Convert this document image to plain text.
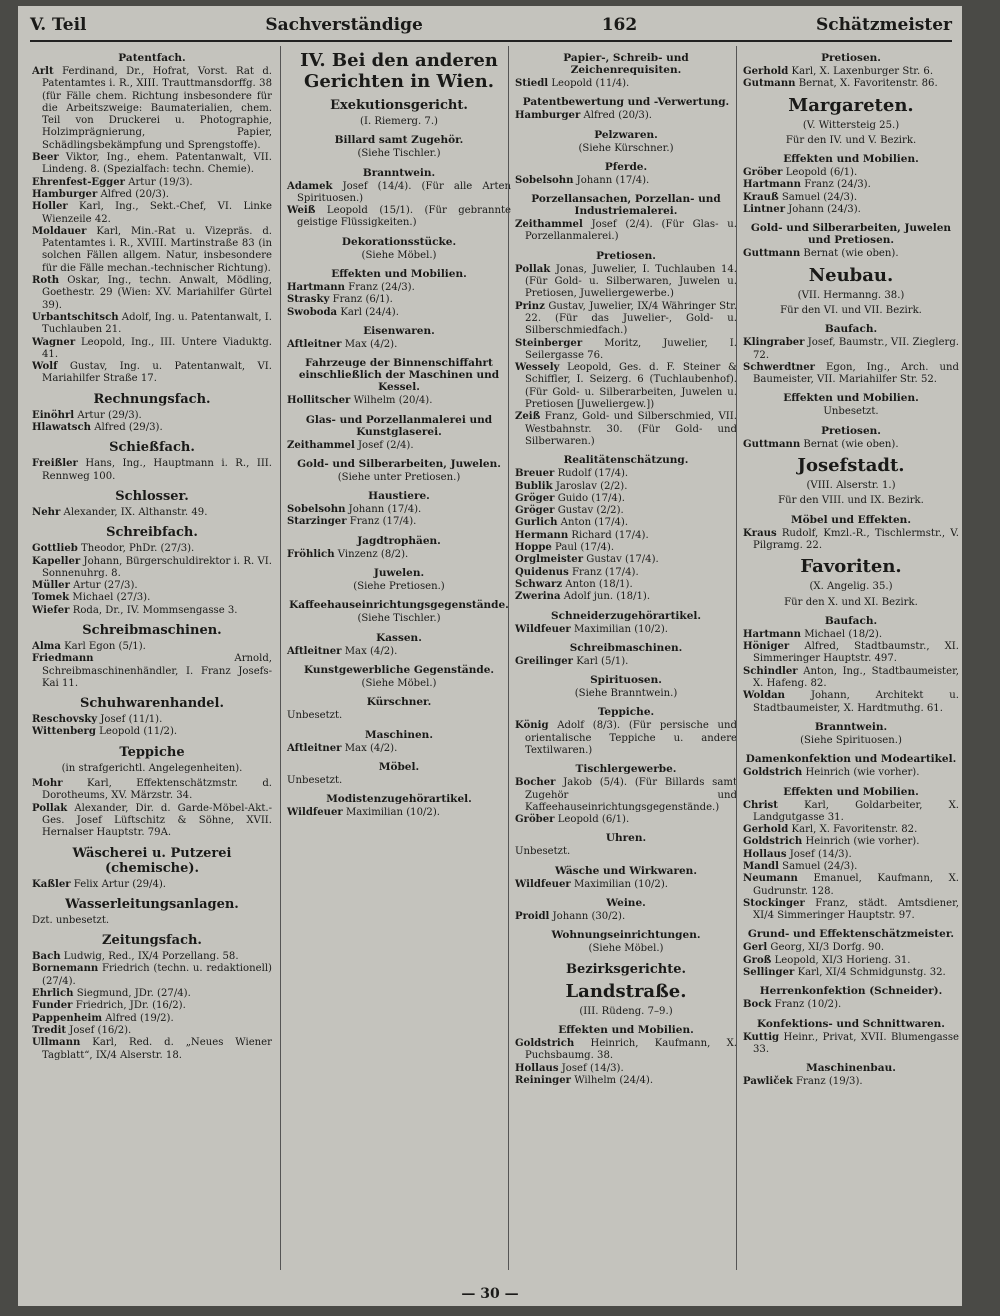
V. Teil	Sachverständige	162	Schätzmeister
Patentfach.
Arlt Ferdinand, Dr., Hofrat, Vorst. Rat d. Patentamtes i. R., XIII. Trauttmansdorffg. 38 (für Fälle chem. Richtung insbesondere für die Arbeitszweige: Baumaterialien, chem. Teil von Druckerei u. Photographie, Holzimprägnierung, Papier, Schädlingsbekämpfung und Sprengstoffe).
Beer Viktor, Ing., ehem. Patentanwalt, VII. Lindeng. 8. (Spezialfach: techn. Chemie).
Ehrenfest-Egger Artur (19/3).
Hamburger Alfred (20/3).
Holler Karl, Ing., Sekt.-Chef, VI. Linke Wienzeile 42.
Moldauer Karl, Min.-Rat u. Vizepräs. d. Patentamtes i. R., XVIII. Martinstraße 83 (in solchen Fällen allgem. Natur, insbesondere für die Fälle mechan.-technischer Richtung).
Roth Oskar, Ing., techn. Anwalt, Mödling, Goethestr. 29 (Wien: XV. Mariahilfer Gürtel 39).
Urbantschitsch Adolf, Ing. u. Patentanwalt, I. Tuchlauben 21.
Wagner Leopold, Ing., III. Untere Viaduktg. 41.
Wolf Gustav, Ing. u. Patentanwalt, VI. Mariahilfer Straße 17.
Rechnungsfach.
Einöhrl Artur (29/3).
Hlawatsch Alfred (29/3).
Schießfach.
Freißler Hans, Ing., Hauptmann i. R., III. Rennweg 100.
Schlosser.
Nehr Alexander, IX. Althanstr. 49.
Schreibfach.
Gottlieb Theodor, PhDr. (27/3).
Kapeller Johann, Bürgerschuldirektor i. R. VI. Sonnenuhrg. 8.
Müller Artur (27/3).
Tomek Michael (27/3).
Wiefer Roda, Dr., IV. Mommsengasse 3.
Schreibmaschinen.
Alma Karl Egon (5/1).
Friedmann	Arnold, Schreibmaschinenhändler, I. Franz Josefs-Kai 11.
Schuhwarenhandel.
Reschovsky Josef (11/1).
Wittenberg Leopold (11/2).
Teppiche
(in strafgerichtl. Angelegenheiten).
Mohr Karl, Effektenschätzmstr. d. Dorotheums, XV. Märzstr. 34.
Pollak Alexander, Dir. d. Garde-Möbel-Akt.-Ges. Josef Lüftschitz & Söhne, XVII. Hernalser Hauptstr. 79A.
Wäscherei u. Putzerei (chemische).
Kaßler Felix Artur (29/4).
Wasserleitungsanlagen.
Dzt. unbesetzt.
Zeitungsfach.
Bach Ludwig, Red., IX/4 Porzellang. 58.
Bornemann Friedrich (techn. u. redaktionell) (27/4).
Ehrlich Siegmund, JDr. (27/4).
Funder Friedrich, JDr. (16/2).
Pappenheim Alfred (19/2).
Tredit Josef (16/2).
Ullmann Karl, Red. d. „Neues Wiener Tagblatt“, IX/4 Alserstr. 18.
IV. Bei den anderen Gerichten in Wien.
Exekutionsgericht.
(I. Riemerg. 7.)
Billard samt Zugehör.
(Siehe Tischler.)
Branntwein.
Adamek Josef (14/4). (Für alle Arten Spirituosen.)
Weiß Leopold (15/1). (Für gebrannte geistige Flüssigkeiten.)
Dekorationsstücke.
(Siehe Möbel.)
Effekten und Mobilien.
Hartmann Franz (24/3).
Strasky Franz (6/1).
Swoboda Karl (24/4).
Eisenwaren.
Aftleitner Max (4/2).
Fahrzeuge der Binnenschiffahrt einschließlich der Maschinen und Kessel.
Hollitscher Wilhelm (20/4).
Glas- und Porzellanmalerei und Kunstglaserei.
Zeithammel Josef (2/4).
Gold- und Silberarbeiten, Juwelen.
(Siehe unter Pretiosen.)
Haustiere.
Sobelsohn Johann (17/4).
Starzinger Franz (17/4).
Jagdtrophäen.
Fröhlich Vinzenz (8/2).
Juwelen.
(Siehe Pretiosen.)
Kaffeehauseinrichtungsgegenstände.
(Siehe Tischler.)
Kassen.
Aftleitner Max (4/2).
Kunstgewerbliche Gegenstände.
(Siehe Möbel.)
Kürschner.
Unbesetzt.
Maschinen.
Aftleitner Max (4/2).
Möbel.
Unbesetzt.
Modistenzugehörartikel.
Wildfeuer Maximilian (10/2).
Papier-, Schreib- und Zeichenrequisiten.
Stiedl Leopold (11/4).
Patentbewertung und -Verwertung.
Hamburger Alfred (20/3).
Pelzwaren.
(Siehe Kürschner.)
Pferde.
Sobelsohn Johann (17/4).
Porzellansachen, Porzellan- und Industriemalerei.
Zeithammel Josef (2/4). (Für Glas- u. Porzellanmalerei.)
Pretiosen.
Pollak Jonas, Juwelier, I. Tuchlauben 14. (Für Gold- u. Silberwaren, Juwelen u. Pretiosen, Juweliergewerbe.)
Prinz Gustav, Juwelier, IX/4 Währinger Str. 22. (Für das Juwelier-, Gold- u. Silberschmiedfach.)
Steinberger Moritz, Juwelier, I. Seilergasse 76.
Wessely Leopold, Ges. d. F. Steiner & Schiffler, I. Seizerg. 6 (Tuchlaubenhof). (Für Gold- u. Silberarbeiten, Juwelen u. Pretiosen [Juweliergew.])
Zeiß Franz, Gold- und Silberschmied, VII. Westbahnstr. 30. (Für Gold- und Silberwaren.)
Realitätenschätzung.
Breuer Rudolf (17/4).
Bublik Jaroslav (2/2).
Gröger Guido (17/4).
Gröger Gustav (2/2).
Gurlich Anton (17/4).
Hermann Richard (17/4).
Hoppe Paul (17/4).
Orglmeister Gustav (17/4).
Quidenus Franz (17/4).
Schwarz Anton (18/1).
Zwerina Adolf jun. (18/1).
Schneiderzugehörartikel.
Wildfeuer Maximilian (10/2).
Schreibmaschinen.
Greilinger Karl (5/1).
Spirituosen.
(Siehe Branntwein.)
Teppiche.
König Adolf (8/3). (Für persische und orientalische Teppiche u. andere Textilwaren.)
Tischlergewerbe.
Bocher Jakob (5/4). (Für Billards samt Zugehör und Kaffeehauseinrichtungsgegenstände.)
Gröber Leopold (6/1).
Uhren.
Unbesetzt.
Wäsche und Wirkwaren.
Wildfeuer Maximilian (10/2).
Weine.
Proidl Johann (30/2).
Wohnungseinrichtungen.
(Siehe Möbel.)
Bezirksgerichte.
Landstraße.
(III. Rüdeng. 7–9.)
Effekten und Mobilien.
Goldstrich Heinrich, Kaufmann, X. Puchsbaumg. 38.
Hollaus Josef (14/3).
Reininger Wilhelm (24/4).
Pretiosen.
Gerhold Karl, X. Laxenburger Str. 6.
Gutmann Bernat, X. Favoritenstr. 86.
Margareten.
(V. Wittersteig 25.)
Für den IV. und V. Bezirk.
Effekten und Mobilien.
Gröber Leopold (6/1).
Hartmann Franz (24/3).
Krauß Samuel (24/3).
Lintner Johann (24/3).
Gold- und Silberarbeiten, Juwelen und Pretiosen.
Guttmann Bernat (wie oben).
Neubau.
(VII. Hermanng. 38.)
Für den VI. und VII. Bezirk.
Baufach.
Klingraber Josef, Baumstr., VII. Zieglerg. 72.
Schwerdtner Egon, Ing., Arch. und Baumeister, VII. Mariahilfer Str. 52.
Effekten und Mobilien.
Unbesetzt.
Pretiosen.
Guttmann Bernat (wie oben).
Josefstadt.
(VIII. Alserstr. 1.)
Für den VIII. und IX. Bezirk.
Möbel und Effekten.
Kraus Rudolf, Kmzl.-R., Tischlermstr., V. Pilgramg. 22.
Favoriten.
(X. Angelig. 35.)
Für den X. und XI. Bezirk.
Baufach.
Hartmann Michael (18/2).
Höniger Alfred, Stadtbaumstr., XI. Simmeringer Hauptstr. 497.
Schindler Anton, Ing., Stadtbaumeister, X. Hafeng. 82.
Woldan	Johann, Architekt u. Stadtbaumeister, X. Hardtmuthg. 61.
Branntwein.
(Siehe Spirituosen.)
Damenkonfektion und Modeartikel.
Goldstrich Heinrich (wie vorher).
Effekten und Mobilien.
Christ	Karl, Goldarbeiter, X. Landgutgasse 31.
Gerhold Karl, X. Favoritenstr. 82.
Goldstrich Heinrich (wie vorher).
Hollaus Josef (14/3).
Mandl Samuel (24/3).
Neumann Emanuel, Kaufmann, X. Gudrunstr. 128.
Stockinger Franz, städt. Amtsdiener, XI/4 Simmeringer Hauptstr. 97.
Grund- und Effektenschätzmeister.
Gerl Georg, XI/3 Dorfg. 90.
Groß Leopold, XI/3 Horieng. 31.
Sellinger Karl, XI/4 Schmidgunstg. 32.
Herrenkonfektion (Schneider).
Bock Franz (10/2).
Konfektions- und Schnittwaren.
Kuttig Heinr., Privat, XVII. Blumengasse 33.
Maschinenbau.
Pawliček Franz (19/3).
— 30 —
